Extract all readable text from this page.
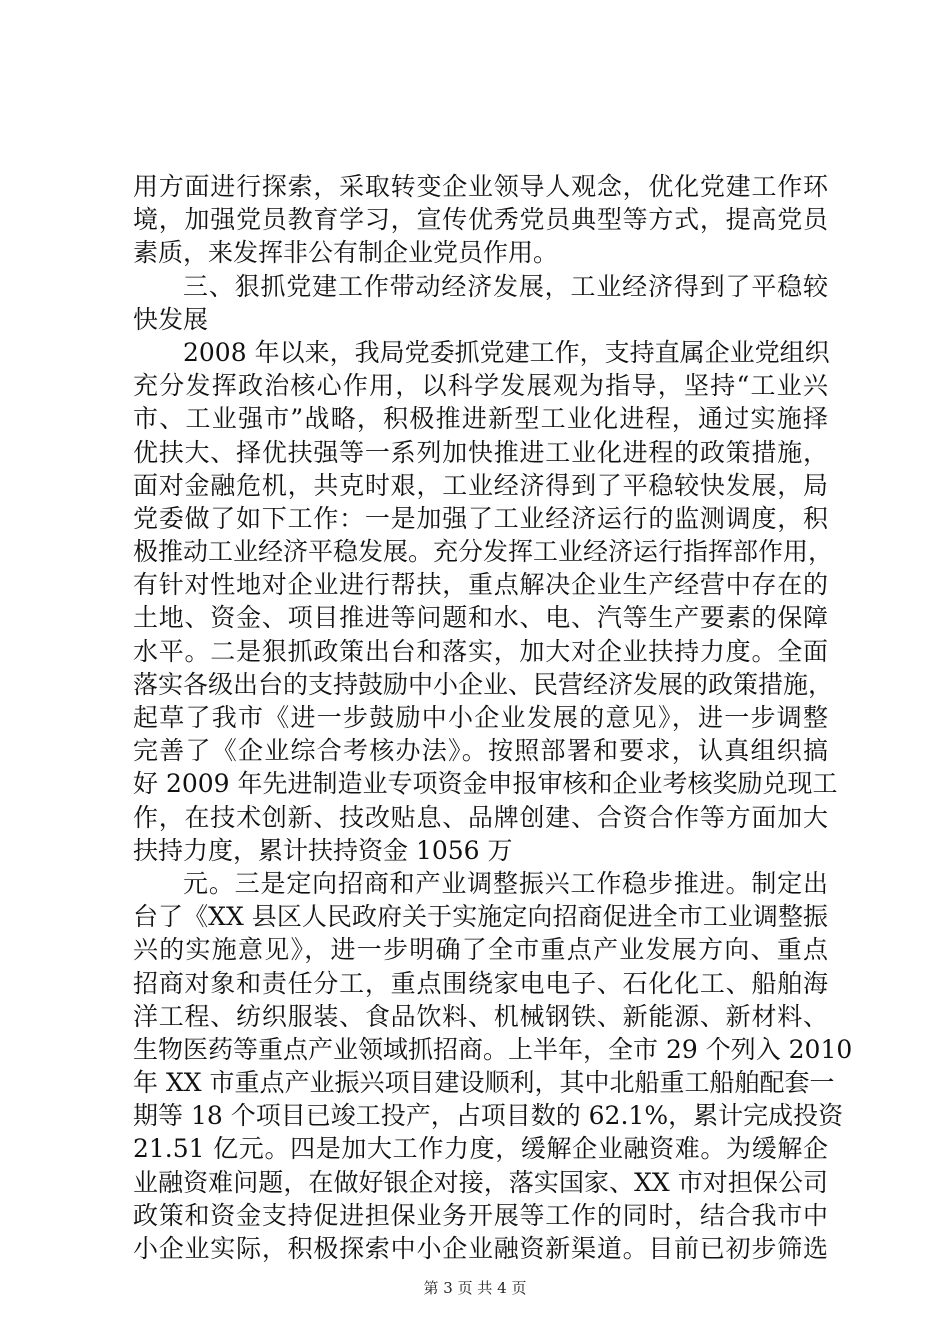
用方面进行探索，采取转变企业领导人观念，优化党建工作环
境，加强党员教育学习，宣传优秀党员典型等方式，提高党员
素质，来发挥非公有制企业党员作用。
三、狠抓党建工作带动经济发展，工业经济得到了平稳较
快发展
2008 年以来，我局党委抓党建工作，支持直属企业党组织
充分发挥政治核心作用，以科学发展观为指导，坚持“工业兴
市、工业强市”战略，积极推进新型工业化进程，通过实施择
优扶大、择优扶强等一系列加快推进工业化进程的政策措施，
面对金融危机，共克时艰，工业经济得到了平稳较快发展，局
党委做了如下工作：一是加强了工业经济运行的监测调度，积
极推动工业经济平稳发展。充分发挥工业经济运行指挥部作用，
有针对性地对企业进行帮扶，重点解决企业生产经营中存在的
土地、资金、项目推进等问题和水、电、汽等生产要素的保障
水平。二是狠抓政策出台和落实，加大对企业扶持力度。全面
落实各级出台的支持鼓励中小企业、民营经济发展的政策措施，
起草了我市《进一步鼓励中小企业发展的意见》，进一步调整
完善了《企业综合考核办法》。按照部署和要求，认真组织搞
好 2009 年先进制造业专项资金申报审核和企业考核奖励兑现工
作，在技术创新、技改贴息、品牌创建、合资合作等方面加大
扶持力度，累计扶持资金 1056 万
元。三是定向招商和产业调整振兴工作稳步推进。制定出
台了《XX 县区人民政府关于实施定向招商促进全市工业调整振
兴的实施意见》，进一步明确了全市重点产业发展方向、重点
招商对象和责任分工，重点围绕家电电子、石化化工、船舶海
洋工程、纺织服装、食品饮料、机械钢铁、新能源、新材料、
生物医药等重点产业领域抓招商。上半年，全市 29 个列入 2010
年 XX 市重点产业振兴项目建设顺利，其中北船重工船舶配套一
期等 18 个项目已竣工投产，占项目数的 62.1%，累计完成投资
21.51 亿元。四是加大工作力度，缓解企业融资难。为缓解企
第 3 页 共 4 页
业融资难问题，在做好银企对接，落实国家、XX 市对担保公司
政策和资金支持促进担保业务开展等工作的同时，结合我市中
小企业实际，积极探索中小企业融资新渠道。目前已初步筛选
